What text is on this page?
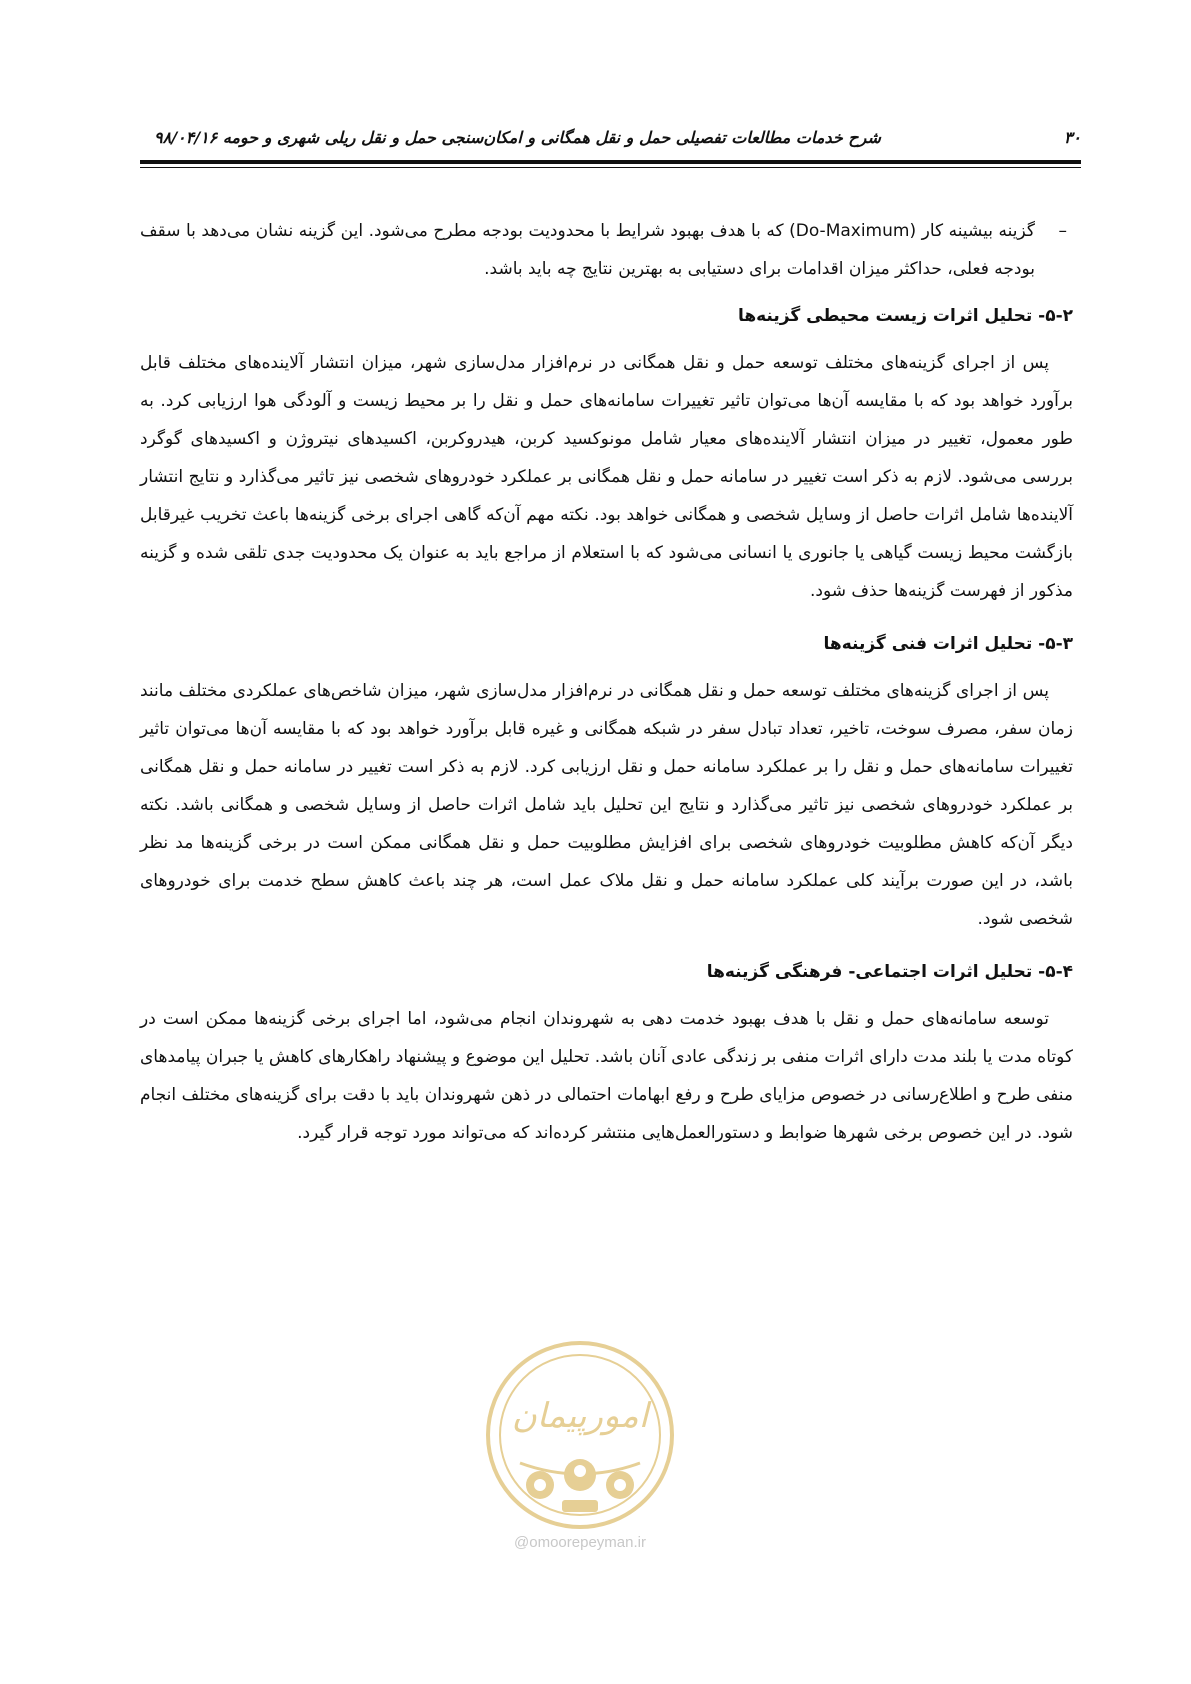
شرح خدمات مطالعات تفصیلی حمل و نقل همگانی و امکان‌سنجی حمل و نقل ریلی شهری و حومه ۹۸/۰۴/۱۶	۳۰
–
گزینه بیشینه کار (Do-Maximum) که با هدف بهبود شرایط با محدودیت بودجه مطرح می‌شود. این گزینه نشان می‌دهد با سقف بودجه فعلی، حداکثر میزان اقدامات برای دستیابی به بهترین نتایج چه باید باشد.
۵-۲- تحلیل اثرات زیست محیطی گزینه‌ها

پس از اجرای گزینه‌های مختلف توسعه حمل و نقل همگانی در نرم‌افزار مدل‌سازی شهر، میزان انتشار آلاینده‌های مختلف قابل برآورد خواهد بود که با مقایسه آن‌ها می‌توان تاثیر تغییرات سامانه‌های حمل و نقل را بر محیط زیست و آلودگی هوا ارزیابی کرد. به طور معمول، تغییر در میزان انتشار آلاینده‌های معیار شامل مونوکسید کربن، هیدروکربن، اکسیدهای نیتروژن و اکسیدهای گوگرد بررسی می‌شود. لازم به ذکر است تغییر در سامانه حمل و نقل همگانی بر عملکرد خودروهای شخصی نیز تاثیر می‌گذارد و نتایج انتشار آلاینده‌ها شامل اثرات حاصل از وسایل شخصی و همگانی خواهد بود. نکته مهم آن‌که گاهی اجرای برخی گزینه‌ها باعث تخریب غیرقابل بازگشت محیط زیست گیاهی یا جانوری یا انسانی می‌شود که با استعلام از مراجع باید به عنوان یک محدودیت جدی تلقی شده و گزینه مذکور از فهرست گزینه‌ها حذف شود.

۵-۳- تحلیل اثرات فنی گزینه‌ها

پس از اجرای گزینه‌های مختلف توسعه حمل و نقل همگانی در نرم‌افزار مدل‌سازی شهر، میزان شاخص‌های عملکردی مختلف مانند زمان سفر، مصرف سوخت، تاخیر، تعداد تبادل سفر در شبکه همگانی و غیره قابل برآورد خواهد بود که با مقایسه آن‌ها می‌توان تاثیر تغییرات سامانه‌های حمل و نقل را بر عملکرد سامانه حمل و نقل ارزیابی کرد. لازم به ذکر است تغییر در سامانه حمل و نقل همگانی بر عملکرد خودروهای شخصی نیز تاثیر می‌گذارد و نتایج این تحلیل باید شامل اثرات حاصل از وسایل شخصی و همگانی باشد. نکته دیگر آن‌که کاهش مطلوبیت خودروهای شخصی برای افزایش مطلوبیت حمل و نقل همگانی ممکن است در برخی گزینه‌ها مد نظر باشد، در این صورت برآیند کلی عملکرد سامانه حمل و نقل ملاک عمل است، هر چند باعث کاهش سطح خدمت برای خودروهای شخصی شود.

۵-۴- تحلیل اثرات اجتماعی- فرهنگی گزینه‌ها

توسعه سامانه‌های حمل و نقل با هدف بهبود خدمت دهی به شهروندان انجام می‌شود، اما اجرای برخی گزینه‌ها ممکن است در کوتاه مدت یا بلند مدت دارای اثرات منفی بر زندگی عادی آنان باشد. تحلیل این موضوع و پیشنهاد راهکارهای کاهش یا جبران پیامدهای منفی طرح و اطلاع‌رسانی در خصوص مزایای طرح و رفع ابهامات احتمالی در ذهن شهروندان باید با دقت برای گزینه‌های مختلف انجام شود. در این خصوص برخی شهرها ضوابط و دستورالعمل‌هایی منتشر کرده‌اند که می‌تواند مورد توجه قرار گیرد.

امورپیمان
@omoorepeyman.ir
